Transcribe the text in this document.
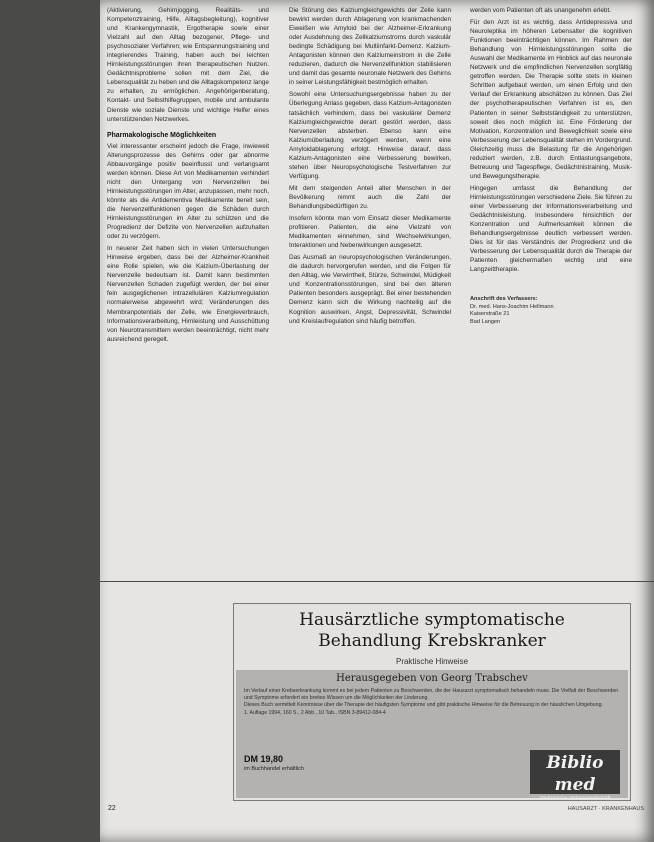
(Aktivierung, Gehirnjogging, Realitäts- und Kompetenztraining, Hilfe, Alltagsbegleitung), kognitiver und Krankengymnastik, Ergotherapie sowie einer Vielzahl auf den Alltag bezogener, Pflege- und psychosozialer Verfahren; wie Entspannungstraining und integrierendes Training, haben auch bei leichten Hirnleistungsstörungen ihren therapeutischen Nutzen. Gedächtnisprobleme sollen mit dem Ziel, die Lebensqualität zu heben und die Alltagskompetenz lange zu erhalten, zu ermöglichen. Angehörigenberatung, Kontakt- und Selbsthilfegruppen, mobile und ambulante Dienste wie soziale Dienste und wichtige Helfer eines unterstützenden Netzwerkes.

Pharmakologische Möglichkeiten

Viel interessanter erscheint jedoch die Frage, inwieweit Alterungsprozesse des Gehirns oder gar abnorme Abbauvorgänge positiv beeinflusst und verlangsamt werden können. Diese Art von Medikamenten verhindert nicht den Untergang von Nervenzellen bei Hirnleistungsstörungen im Alter, anzupassen, mehr noch, könnte als die Antidementiva Medikamente bereit sein, die Nervenzellfunktionen gegen die Schäden durch Hirnleistungsstörungen im Alter zu schützen und die Progredienz der Defizite von Nervenzellen aufzuhalten oder zu verzögern.

In neuerer Zeit haben sich in vielen Untersuchungen Hinweise ergeben, dass bei der Alzheimer-Krankheit eine Rolle spielen, wie die Kalzium-Überlastung der Nervenzelle bedeutsam ist. Damit kann bestimmten Nervenzellen Schaden zugefügt werden, der bei einer fein ausgeglichenen intrazellulären Kalziumregulation normalerweise abgewehrt wird; Veränderungen des Membranpotentials der Zelle, wie Energieverbrauch, Informationsverarbeitung, Hirnleistung und Ausschüttung von Neurotransmittern werden beeinträchtigt, nicht mehr ausreichend geregelt.

Die Störung des Kalziumgleichgewichts der Zelle kann bewirkt werden durch Ablagerung von krankmachenden Eiweißen wie Amyloid bei der Alzheimer-Erkrankung oder Ausdehnung des Zellkalziumstroms durch vaskulär bedingte Schädigung bei Multiinfarkt-Demenz. Kalzium-Antagonisten können den Kalziumeinstrom in die Zelle reduzieren, dadurch die Nervenzellfunktion stabilisieren und damit das gesamte neuronale Netzwerk des Gehirns in seiner Leistungsfähigkeit bestmöglich erhalten.

Sowohl eine Untersuchungsergebnisse haben zu der Überlegung Anlass gegeben, dass Kalzium-Antagonisten tatsächlich verhindern, dass bei vaskulärer Demenz Kalziumgleichgewichte derart gestört werden, dass Nervenzellen absterben. Ebenso kann eine Kalziumüberladung verzögert werden, wenn eine Amyloidablagerung erfolgt. Hinweise darauf, dass Kalzium-Antagonisten eine Verbesserung bewirken, stehen über Neuropsychologische Testverfahren zur Verfügung.

Mit dem steigenden Anteil alter Menschen in der Bevölkerung nimmt auch die Zahl der Behandlungsbedürftigen zu.

Insofern könnte man vom Einsatz dieser Medikamente profitieren. Patienten, die eine Vielzahl von Medikamenten einnehmen, sind Wechselwirkungen, Interaktionen und Nebenwirkungen ausgesetzt.

Das Ausmaß an neuropsychologischen Veränderungen, die dadurch hervorgerufen werden, und die Folgen für den Alltag, wie Verwirrtheit, Stürze, Schwindel, Müdigkeit und Konzentrationsstörungen, sind bei den älteren Patienten besonders ausgeprägt. Bei einer bestehenden Demenz kann sich die Wirkung nachteilig auf die Kognition auswirken, Angst, Depressivität, Schwindel und Kreislaufregulation sind häufig betroffen.

werden vom Patienten oft als unangenehm erlebt.

Für den Arzt ist es wichtig, dass Antidepressiva und Neuroleptika im höheren Lebensalter die kognitiven Funktionen beeinträchtigen können. Im Rahmen der Behandlung von Hirnleistungsstörungen sollte die Auswahl der Medikamente im Hinblick auf das neuronale Netzwerk und die empfindlichen Nervenzellen sorgfältig getroffen werden. Die Therapie sollte stets in kleinen Schritten aufgebaut werden, um einen Erfolg und den Verlauf der Erkrankung abschätzen zu können. Das Ziel der psychotherapeutischen Verfahren ist es, den Patienten in seiner Selbstständigkeit zu unterstützen, soweit dies noch möglich ist. Eine Förderung der Motivation, Konzentration und Beweglichkeit sowie eine Verbesserung der Lebensqualität stehen im Vordergrund. Gleichzeitig muss die Belastung für die Angehörigen reduziert werden, z.B. durch Entlastungsangebote, Betreuung und Tagespflege, Gedächtnistraining, Musik- und Bewegungstherapie.

Hingegen umfasst die Behandlung der Hirnleistungsstörungen verschiedene Ziele. Sie führen zu einer Verbesserung der Informationsverarbeitung und Gedächtnisleistung. Insbesondere hinsichtlich der Konzentration und Aufmerksamkeit können die Behandlungsergebnisse deutlich verbessert werden. Dies ist für das Verständnis der Progredienz und die Verbesserung der Lebensqualität durch die Therapie der Patienten gleichermaßen wichtig und eine Langzeittherapie.

Anschrift des Verfassers:
Dr. med. Hans-Joachim Hellmann
Kaiserstraße 21
Bad Langen
Hausärztliche symptomatische
Behandlung Krebskranker
Praktische Hinweise
Herausgegeben von Georg Trabschev

Im Verlauf einer Krebserkrankung kommt es bei jedem Patienten zu Beschwerden, die der Hausarzt symptomatisch behandeln muss. Die Vielfalt der Beschwerden und Symptome erfordert ein breites Wissen um die Möglichkeiten der Linderung.

Dieses Buch vermittelt Kenntnisse über die Therapie der häufigsten Symptome und gibt praktische Hinweise für die Betreuung in der häuslichen Umgebung.

1. Auflage 1994, 160 S., 2 Abb., 10 Tab., ISBN 3-89412-084-4

DM 19,80
im Buchhandel erhältlich	Biblio med
Medizinische Verlagsgesellschaft
22	HAUSARZT · KRANKENHAUS
